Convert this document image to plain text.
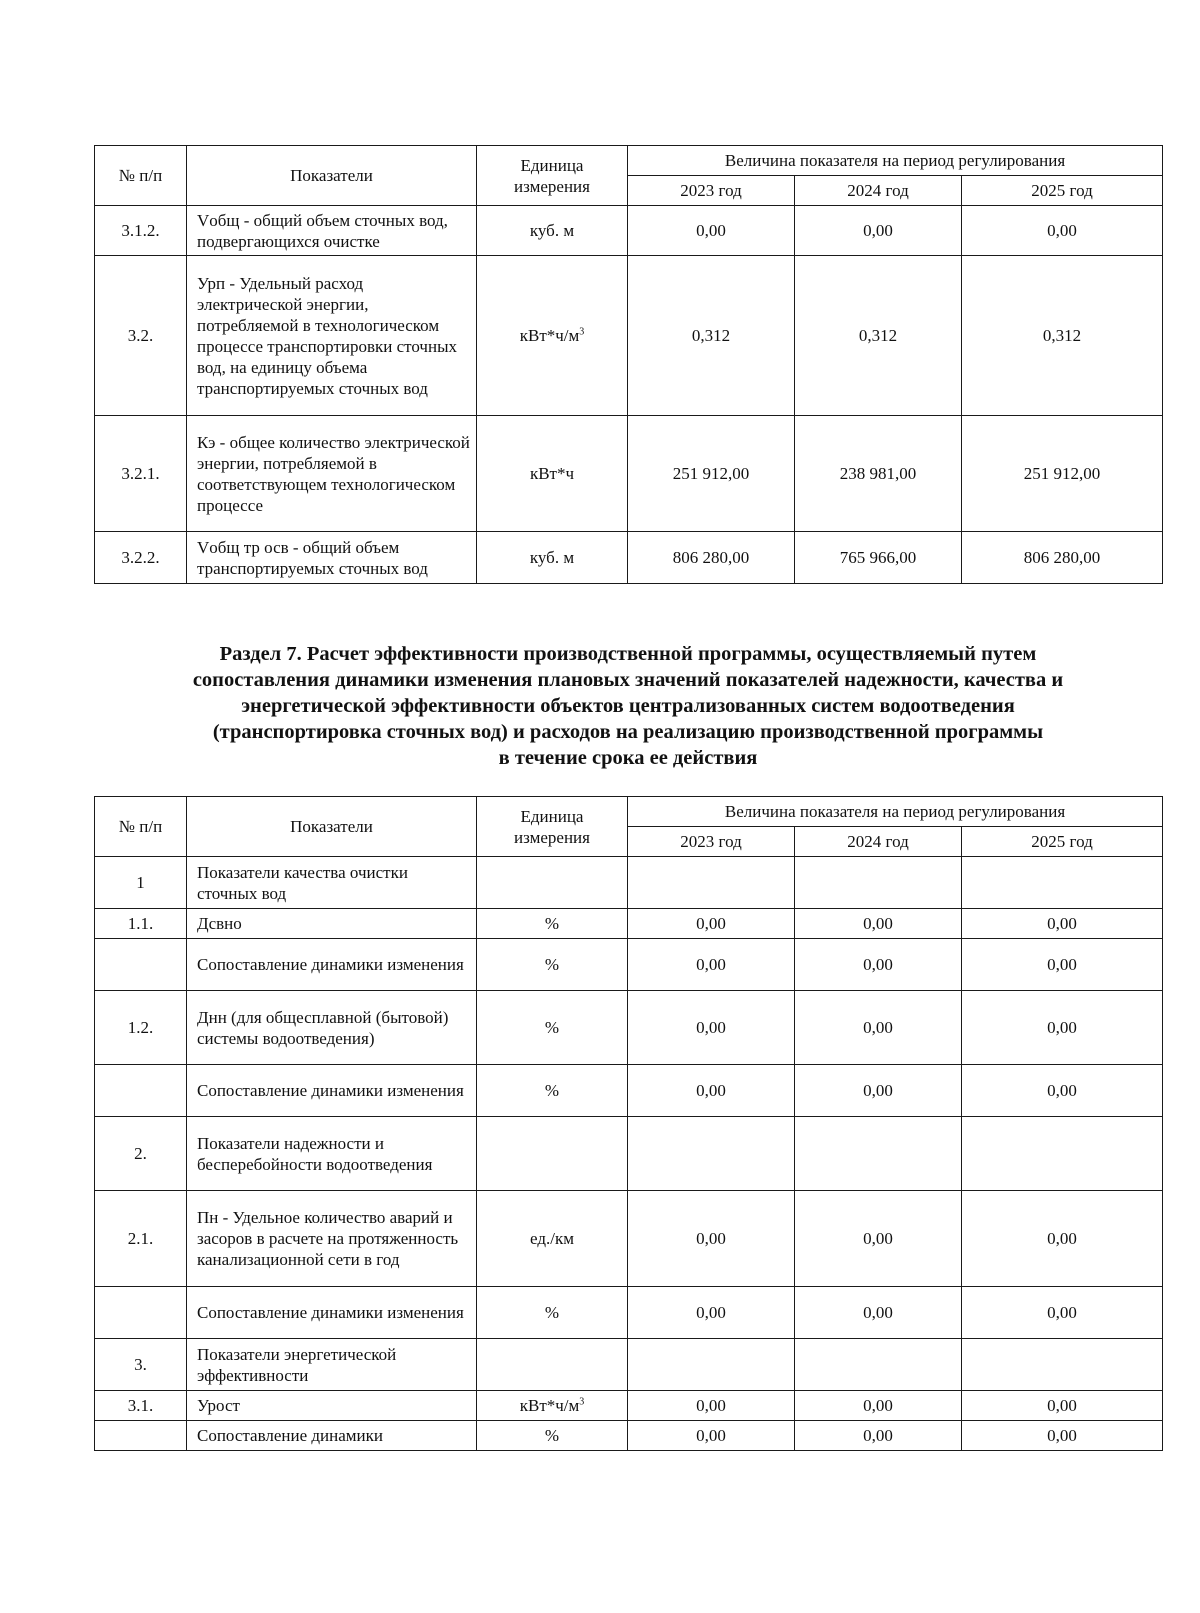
№ п/п	Показатели	Единица измерения	Величина показателя на период регулирования		
			2023 год	2024 год	2025 год
3.1.2.	Vобщ - общий объем сточных вод, подвергающихся очистке	куб. м	0,00	0,00	0,00
3.2.	Урп - Удельный расход электрической энергии, потребляемой в технологическом процессе транспортировки сточных вод, на единицу объема транспортируемых сточных вод	$кВт*ч/м^3$	0,312	0,312	0,312
3.2.1.	Кэ - общее количество электрической энергии, потребляемой в соответствующем технологическом процессе	кВт*ч	251 912,00	238 981,00	251 912,00
3.2.2.	Vобщ тр осв - общий объем транспортируемых сточных вод	куб. м	806 280,00	765 966,00	806 280,00
Раздел 7. Расчет эффективности производственной программы, осуществляемый путем
сопоставления динамики изменения плановых значений показателей надежности, качества и
энергетической эффективности объектов централизованных систем водоотведения
(транспортировка сточных вод) и расходов на реализацию производственной программы
в течение срока ее действия
№ п/п	Показатели	Единица измерения	Величина показателя на период регулирования		
			2023 год	2024 год	2025 год
1	Показатели качества очистки сточных вод				
1.1.	Дсвно	%	0,00	0,00	0,00
	Сопоставление динамики изменения	%	0,00	0,00	0,00
1.2.	Днн (для общесплавной (бытовой) системы водоотведения)	%	0,00	0,00	0,00
	Сопоставление динамики изменения	%	0,00	0,00	0,00
2.	Показатели надежности и бесперебойности водоотведения				
2.1.	Пн - Удельное количество аварий и засоров в расчете на протяженность канализационной сети в год	ед./км	0,00	0,00	0,00
	Сопоставление динамики изменения	%	0,00	0,00	0,00
3.	Показатели энергетической эффективности				
3.1.	Урост	$кВт*ч/м^3$	0,00	0,00	0,00
	Сопоставление динамики	%	0,00	0,00	0,00
